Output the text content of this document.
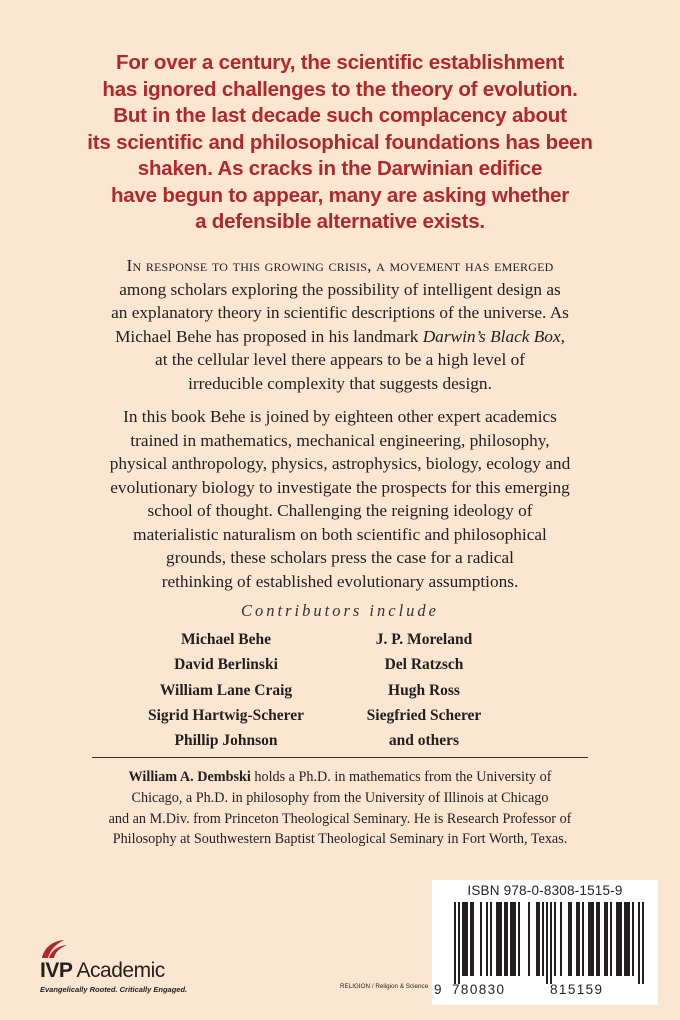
For over a century, the scientific establishment
has ignored challenges to the theory of evolution.
But in the last decade such complacency about
its scientific and philosophical foundations has been
shaken. As cracks in the Darwinian edifice
have begun to appear, many are asking whether
a defensible alternative exists.
In response to this growing crisis, a movement has emerged
among scholars exploring the possibility of intelligent design as
an explanatory theory in scientific descriptions of the universe. As
Michael Behe has proposed in his landmark Darwin’s Black Box,
at the cellular level there appears to be a high level of
irreducible complexity that suggests design.
In this book Behe is joined by eighteen other expert academics
trained in mathematics, mechanical engineering, philosophy,
physical anthropology, physics, astrophysics, biology, ecology and
evolutionary biology to investigate the prospects for this emerging
school of thought. Challenging the reigning ideology of
materialistic naturalism on both scientific and philosophical
grounds, these scholars press the case for a radical
rethinking of established evolutionary assumptions.
Contributors include
Michael Behe
David Berlinski
William Lane Craig
Sigrid Hartwig-Scherer
Phillip Johnson
J. P. Moreland
Del Ratzsch
Hugh Ross
Siegfried Scherer
and others
William A. Dembski holds a Ph.D. in mathematics from the University of
Chicago, a Ph.D. in philosophy from the University of Illinois at Chicago
and an M.Div. from Princeton Theological Seminary. He is Research Professor of
Philosophy at Southwestern Baptist Theological Seminary in Fort Worth, Texas.
ISBN 978-0-8308-1515-9
9 780830	815159
RELIGION / Religion & Science
IVP Academic
Evangelically Rooted. Critically Engaged.
